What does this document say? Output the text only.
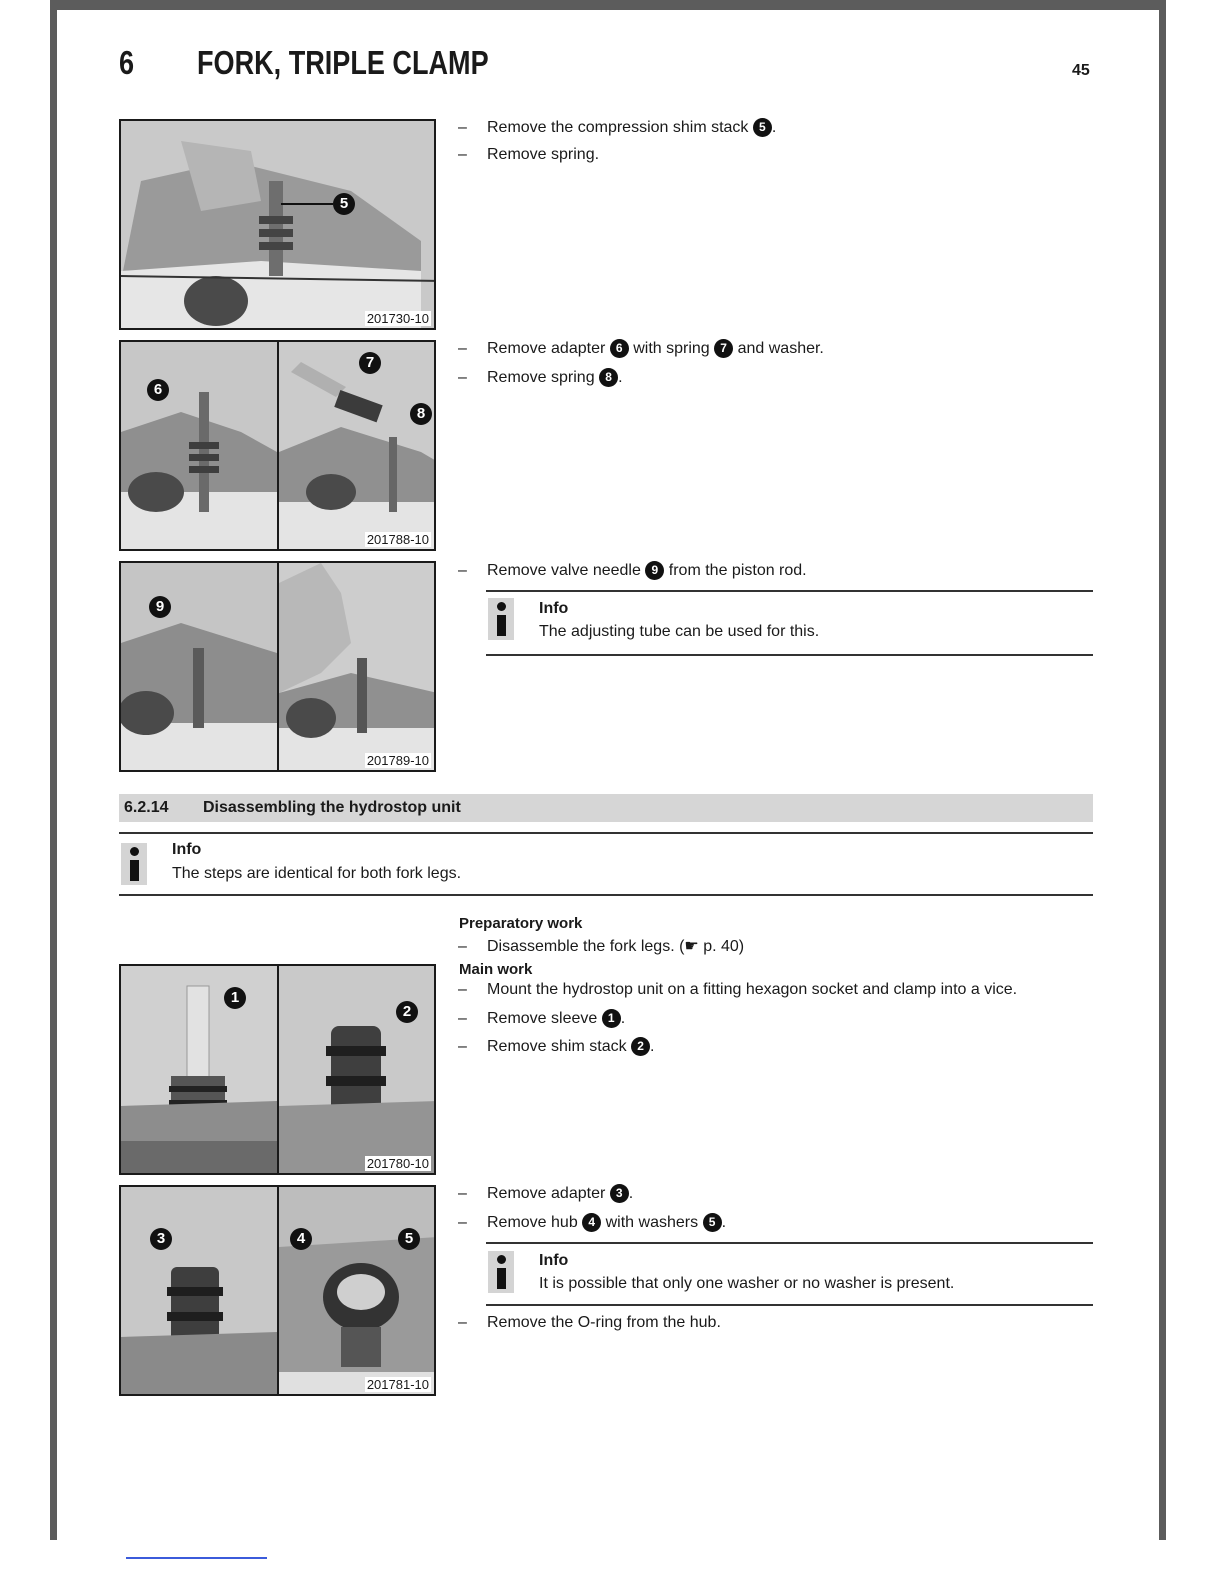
6 FORK, TRIPLE CLAMP	45
5
201730-10
6
7
8
201788-10
9
201789-10
– Remove the compression shim stack 5 .
– Remove spring.
– Remove adapter 6 with spring 7 and washer.
– Remove spring 8 .
– Remove valve needle 9 from the piston rod.
Info
The adjusting tube can be used for this.
6.2.14 Disassembling the hydrostop unit
Info
The steps are identical for both fork legs.
Preparatory work
– Disassemble the fork legs. (☛ p. 40)
Main work
– Mount the hydrostop unit on a fitting hexagon socket and clamp into a vice.
– Remove sleeve 1 .
– Remove shim stack 2 .
1
2
201780-10
3	4	5
201781-10
– Remove adapter 3 .
– Remove hub 4 with washers 5 .
Info
It is possible that only one washer or no washer is present.
– Remove the O-ring from the hub.
